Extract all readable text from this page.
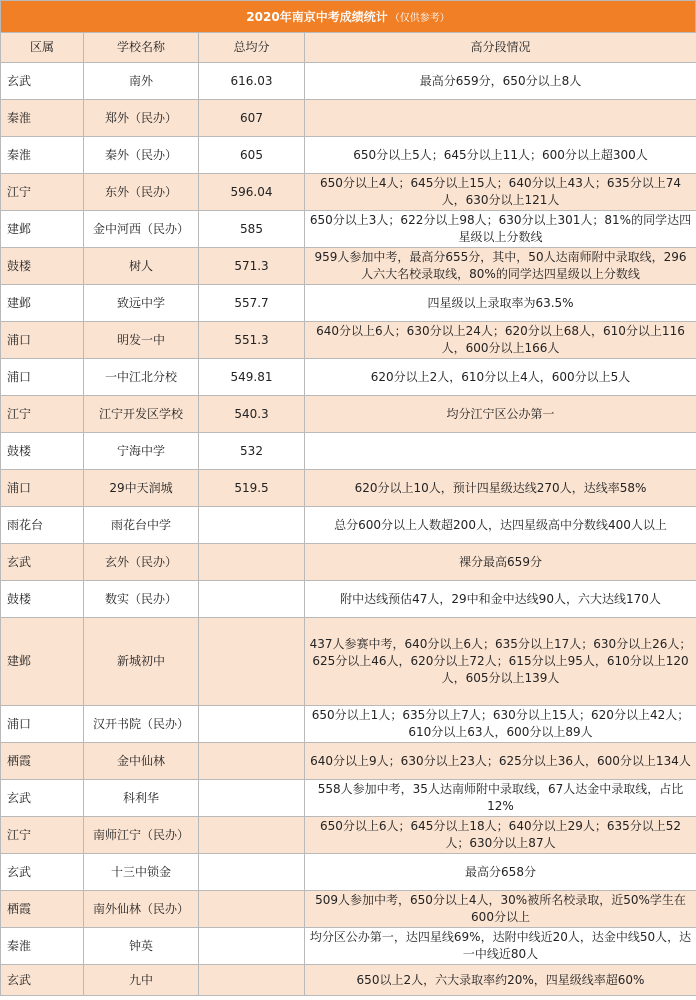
2020年南京中考成绩统计 （仅供参考）
区属	学校名称	总均分	高分段情况
玄武	南外	616.03	最高分659分，650分以上8人
秦淮	郑外（民办）	607	
秦淮	秦外（民办）	605	650分以上5人；645分以上11人；600分以上超300人
江宁	东外（民办）	596.04	650分以上4人；645分以上15人；640分以上43人；635分以上74人，630分以上121人
建邺	金中河西（民办）	585	650分以上3人；622分以上98人；630分以上301人；81%的同学达四星级以上分数线
鼓楼	树人	571.3	959人参加中考，最高分655分，其中，50人达南师附中录取线，296人六大名校录取线，80%的同学达四星级以上分数线
建邺	致远中学	557.7	四星级以上录取率为63.5%
浦口	明发一中	551.3	640分以上6人；630分以上24人；620分以上68人，610分以上116人，600分以上166人
浦口	一中江北分校	549.81	620分以上2人，610分以上4人，600分以上5人
江宁	江宁开发区学校	540.3	均分江宁区公办第一
鼓楼	宁海中学	532	
浦口	29中天润城	519.5	620分以上10人，预计四星级达线270人，达线率58%
雨花台	雨花台中学		总分600分以上人数超200人，达四星级高中分数线400人以上
玄武	玄外（民办）		裸分最高659分
鼓楼	数实（民办）		附中达线预估47人，29中和金中达线90人，六大达线170人
建邺	新城初中		437人参赛中考，640分以上6人；635分以上17人；630分以上26人；625分以上46人，620分以上72人；615分以上95人，610分以上120人，605分以上139人
浦口	汉开书院（民办）		650分以上1人；635分以上7人；630分以上15人；620分以上42人；610分以上63人，600分以上89人
栖霞	金中仙林		640分以上9人；630分以上23人；625分以上36人，600分以上134人
玄武	科利华		558人参加中考，35人达南师附中录取线，67人达金中录取线，占比12%
江宁	南师江宁（民办）		650分以上6人；645分以上18人；640分以上29人；635分以上52人；630分以上87人
玄武	十三中锁金		最高分658分
栖霞	南外仙林（民办）		509人参加中考，650分以上4人，30%被所名校录取，近50%学生在600分以上
秦淮	钟英		均分区公办第一，达四星线69%，达附中线近20人，达金中线50人，达一中线近80人
玄武	九中		650以上2人，六大录取率约20%，四星级线率超60%
